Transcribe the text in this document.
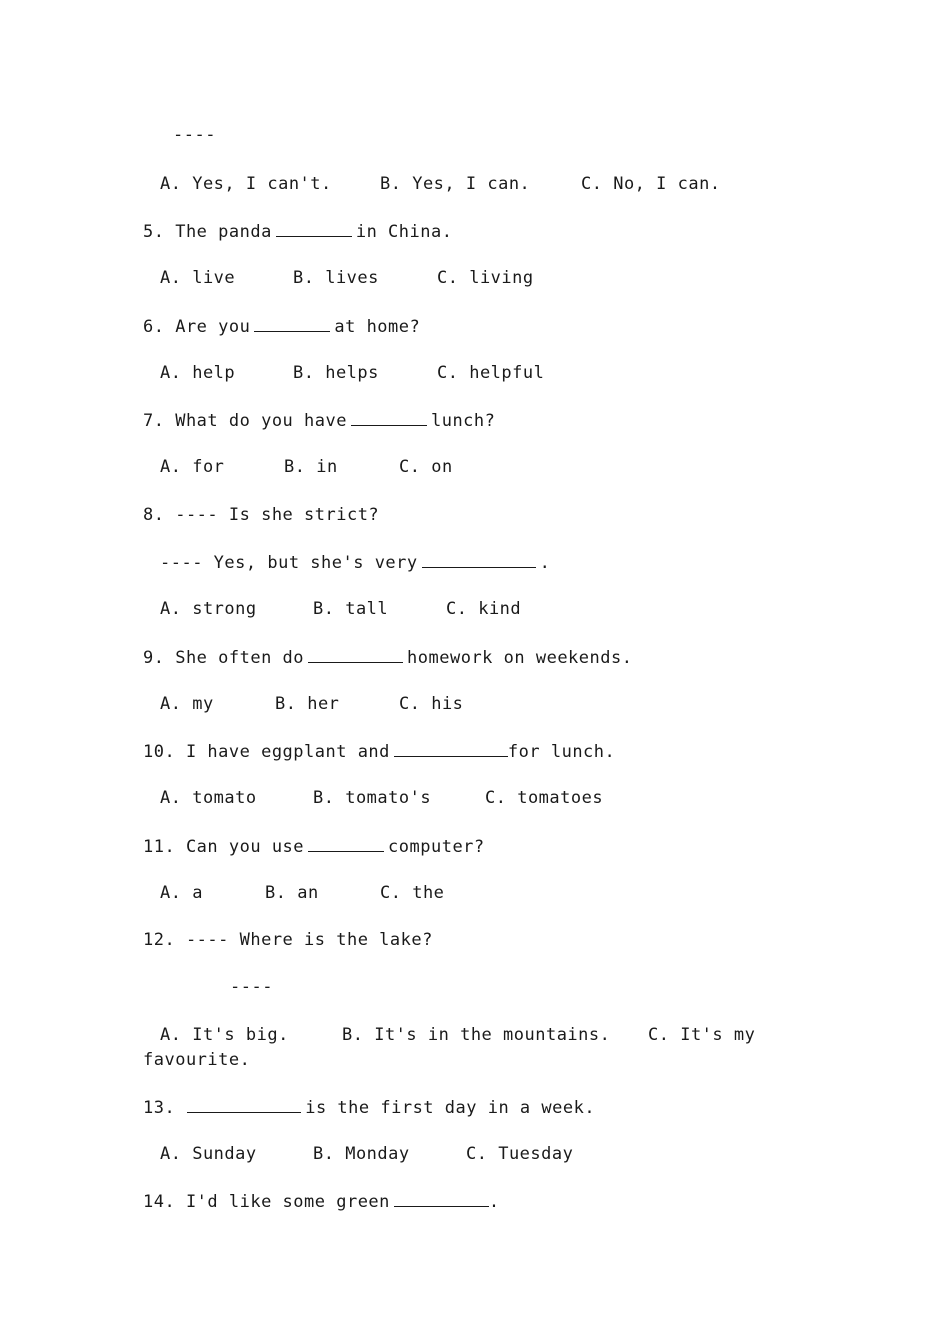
----
A. Yes, I can't.	B. Yes, I can.	C. No, I can.
5. The panda	in China.
A. live	B. lives	C. living
6. Are you	at home?
A. help	B. helps	C. helpful
7. What do you have	lunch?
A. for	B. in	C. on
8. ---- Is she strict?
---- Yes, but she's very	.
A. strong	B. tall	C. kind
9. She often do	homework on weekends.
A. my	B. her	C. his
10. I have eggplant and	for lunch.
A. tomato	B. tomato's	C. tomatoes
11. Can you use	computer?
A. a	B. an	C. the
12. ---- Where is the lake?
----
A. It's big.	B. It's in the mountains. C. It's my
favourite.
13.	is the first day in a week.
A. Sunday	B. Monday	C. Tuesday
14. I'd like some green	.
